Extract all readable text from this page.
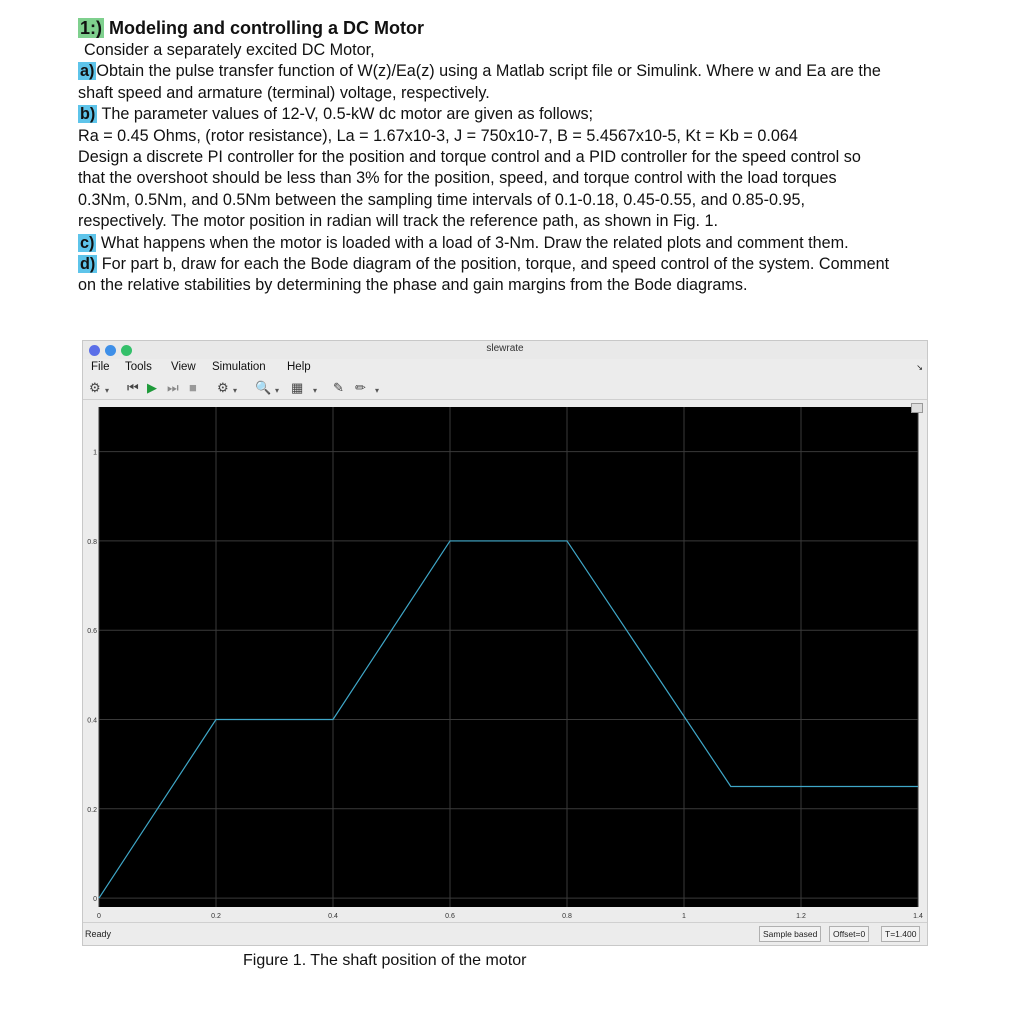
1:) Modeling and controlling a DC Motor

Consider a separately excited DC Motor,

a) Obtain the pulse transfer function of W(z)/Ea(z) using a Matlab script file or Simulink. Where w and Ea are the

shaft speed and armature (terminal) voltage, respectively.

b) The parameter values of 12-V, 0.5-kW dc motor are given as follows;

Ra = 0.45 Ohms, (rotor resistance), La = 1.67x10-3, J = 750x10-7, B = 5.4567x10-5, Kt = Kb = 0.064

Design a discrete PI controller for the position and torque control and a PID controller for the speed control so

that the overshoot should be less than 3% for the position, speed, and torque control with the load torques

0.3Nm, 0.5Nm, and 0.5Nm between the sampling time intervals of 0.1-0.18, 0.45-0.55, and 0.85-0.95,

respectively. The motor position in radian will track the reference path, as shown in Fig. 1.

c) What happens when the motor is loaded with a load of 3-Nm. Draw the related plots and comment them.

d) For part b, draw for each the Bode diagram of the position, torque, and speed control of the system. Comment

on the relative stabilities by determining the phase and gain margins from the Bode diagrams.

slewrate
File Tools View Simulation Help	↘
⚙ ▾ ⏮ ▶ ⏭ ■ ⚙ ▾ 🔍 ▾ ▦ ▾ ✎ ✏ ▾
0	0.2	0.4	0.6	0.8	1	1.2	1.4
0
0.2
0.4
0.6
0.8
1
Ready	Sample based	Offset=0	T=1.400
Figure 1. The shaft position of the motor
